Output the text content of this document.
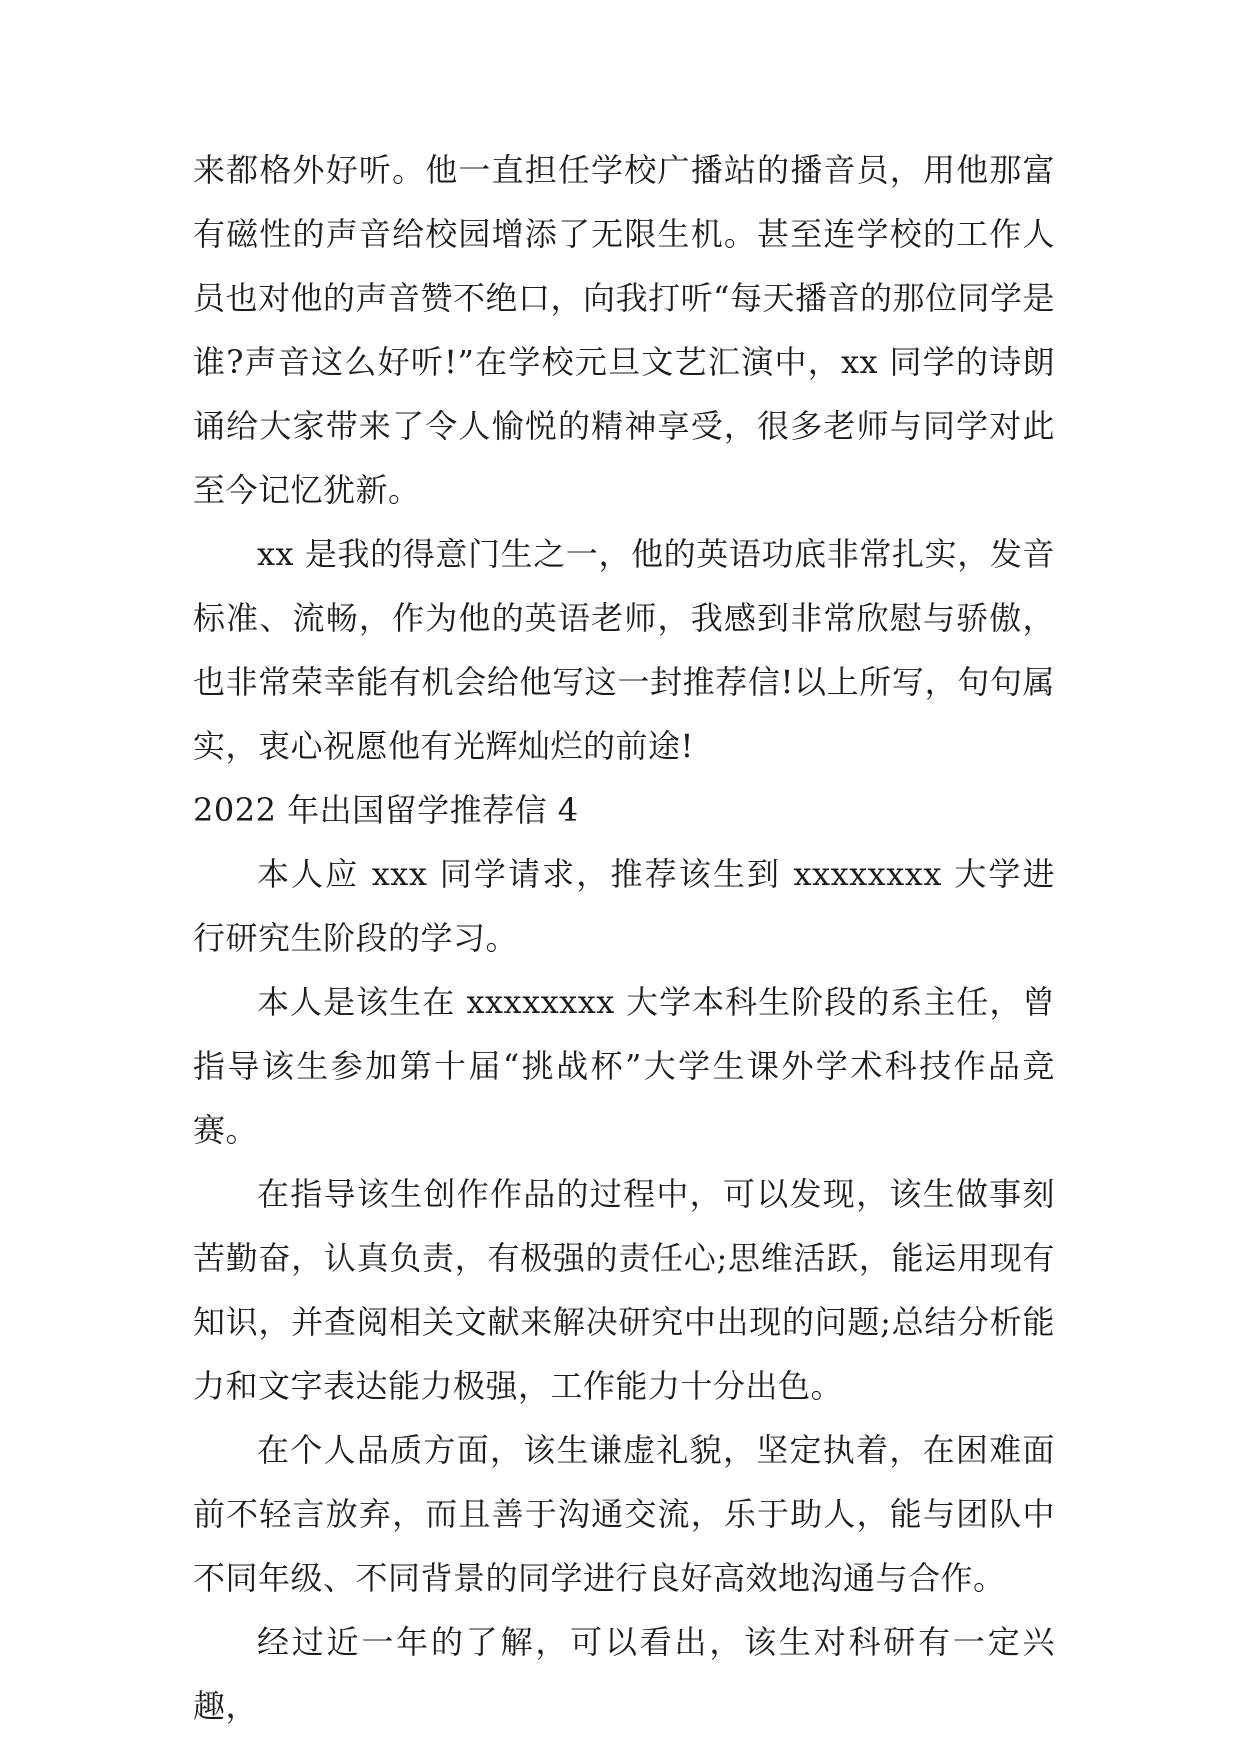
来都格外好听。他一直担任学校广播站的播音员，用他那富有磁性的声音给校园增添了无限生机。甚至连学校的工作人员也对他的声音赞不绝口，向我打听“每天播音的那位同学是谁?声音这么好听!”在学校元旦文艺汇演中，xx 同学的诗朗诵给大家带来了令人愉悦的精神享受，很多老师与同学对此至今记忆犹新。

xx 是我的得意门生之一，他的英语功底非常扎实，发音标准、流畅，作为他的英语老师，我感到非常欣慰与骄傲，也非常荣幸能有机会给他写这一封推荐信!以上所写，句句属实，衷心祝愿他有光辉灿烂的前途!

2022 年出国留学推荐信 4

本人应 xxx 同学请求，推荐该生到 xxxxxxxx 大学进行研究生阶段的学习。

本人是该生在 xxxxxxxx 大学本科生阶段的系主任，曾指导该生参加第十届“挑战杯”大学生课外学术科技作品竞赛。

在指导该生创作作品的过程中，可以发现，该生做事刻苦勤奋，认真负责，有极强的责任心;思维活跃，能运用现有知识，并查阅相关文献来解决研究中出现的问题;总结分析能力和文字表达能力极强，工作能力十分出色。

在个人品质方面，该生谦虚礼貌，坚定执着，在困难面前不轻言放弃，而且善于沟通交流，乐于助人，能与团队中不同年级、不同背景的同学进行良好高效地沟通与合作。

经过近一年的了解，可以看出，该生对科研有一定兴趣，
